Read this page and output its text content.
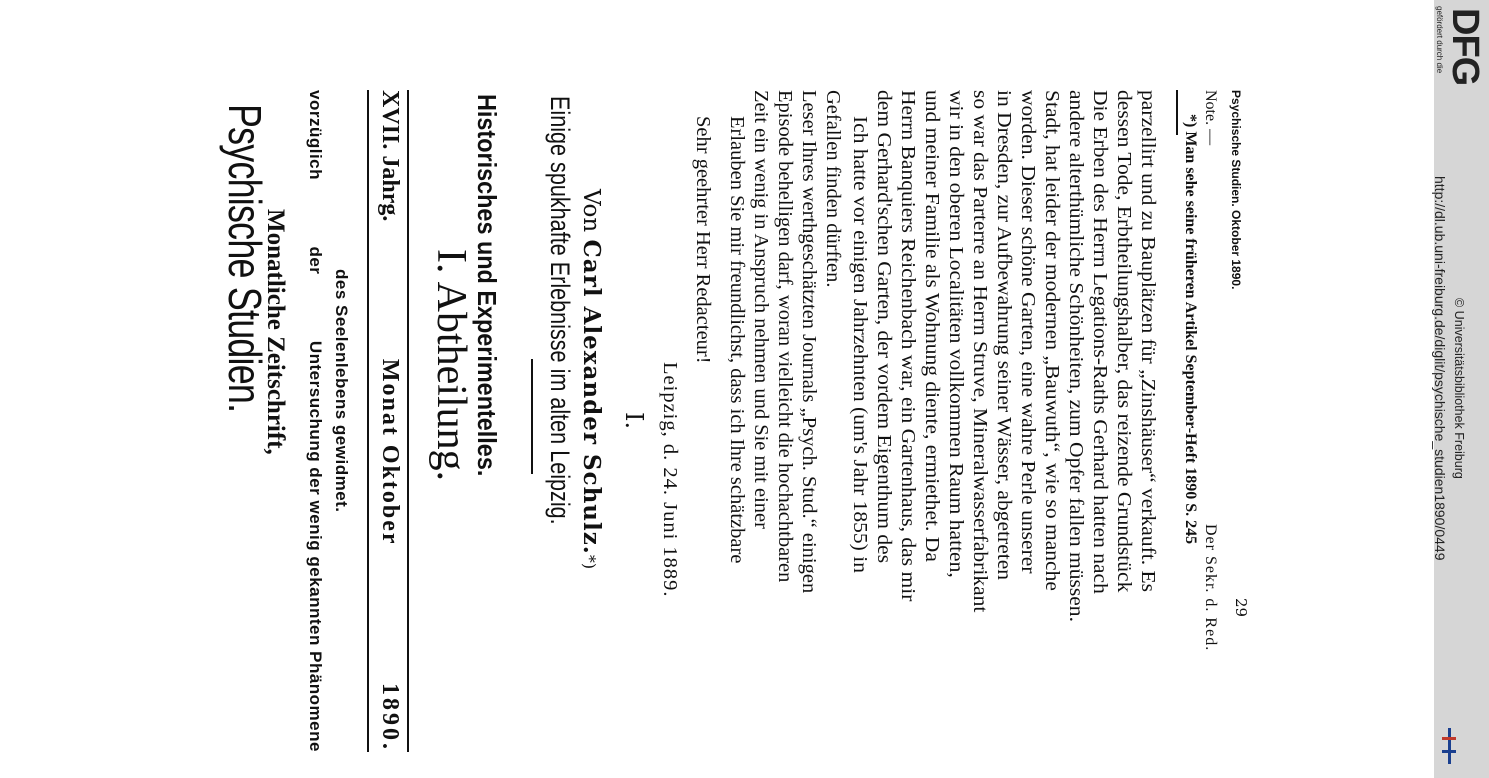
Psychische Studien.
Monatliche Zeitschrift,
vorzüglich
der
Untersuchung der wenig gekannten Phänomene des Seelenlebens gewidmet.
XVII. Jahrg.
Monat Oktober
1890.
I. Abtheilung.
Historisches und Experimentelles. Einige spukhafte Erlebnisse im alten Leipzig. Von Carl Alexander Schulz.*)
I. Leipzig, d. 24. Juni 1889.
Sehr geehrter Herr Redacteur! Erlauben Sie mir freundlichst, dass ich Ihre schätzbare Zeit ein wenig in Anspruch nehmen und Sie mit einer Episode behelligen darf, woran vielleicht die hochachtbaren Leser Ihres werthgeschätzten Journals „Psych. Stud.“ einigen Gefallen finden dürften. Ich hatte vor einigen Jahrzehnten (um's Jahr 1855) in dem Gerhard'schen Garten, der vordem Eigenthum des Herrn Banquiers Reichenbach war, ein Gartenhaus, das mir und meiner Familie als Wohnung diente, ermiethet. Da wir in den oberen Localitäten vollkommen Raum hatten, so war das Parterre an Herrn Struve, Mineralwasserfabrikant in Dresden, zur Aufbewahrung seiner Wässer, abgetreten worden. Dieser schöne Garten, eine wahre Perle unserer Stadt, hat leider der modernen „Bauwuth“, wie so manche andere alterthümliche Schönheiten, zum Opfer fallen müssen. Die Erben des Herrn Legations-Raths Gerhard hatten nach dessen Tode, Erbtheilungshalber, das reizende Grundstück parzellirt und zu Bauplätzen für „Zinshäuser“ verkauft. Es *) Man sehe seine früheren Artikel September-Heft 1890 S. 245 Note. —
Der Sekr. d. Red.
Psychische Studien. Oktober 1890.
29
http://dl.ub.uni-freiburg.de/diglit/psychische_studien1890/0449 © Universitätsbibliothek Freiburg
gefördert durch die DFG
